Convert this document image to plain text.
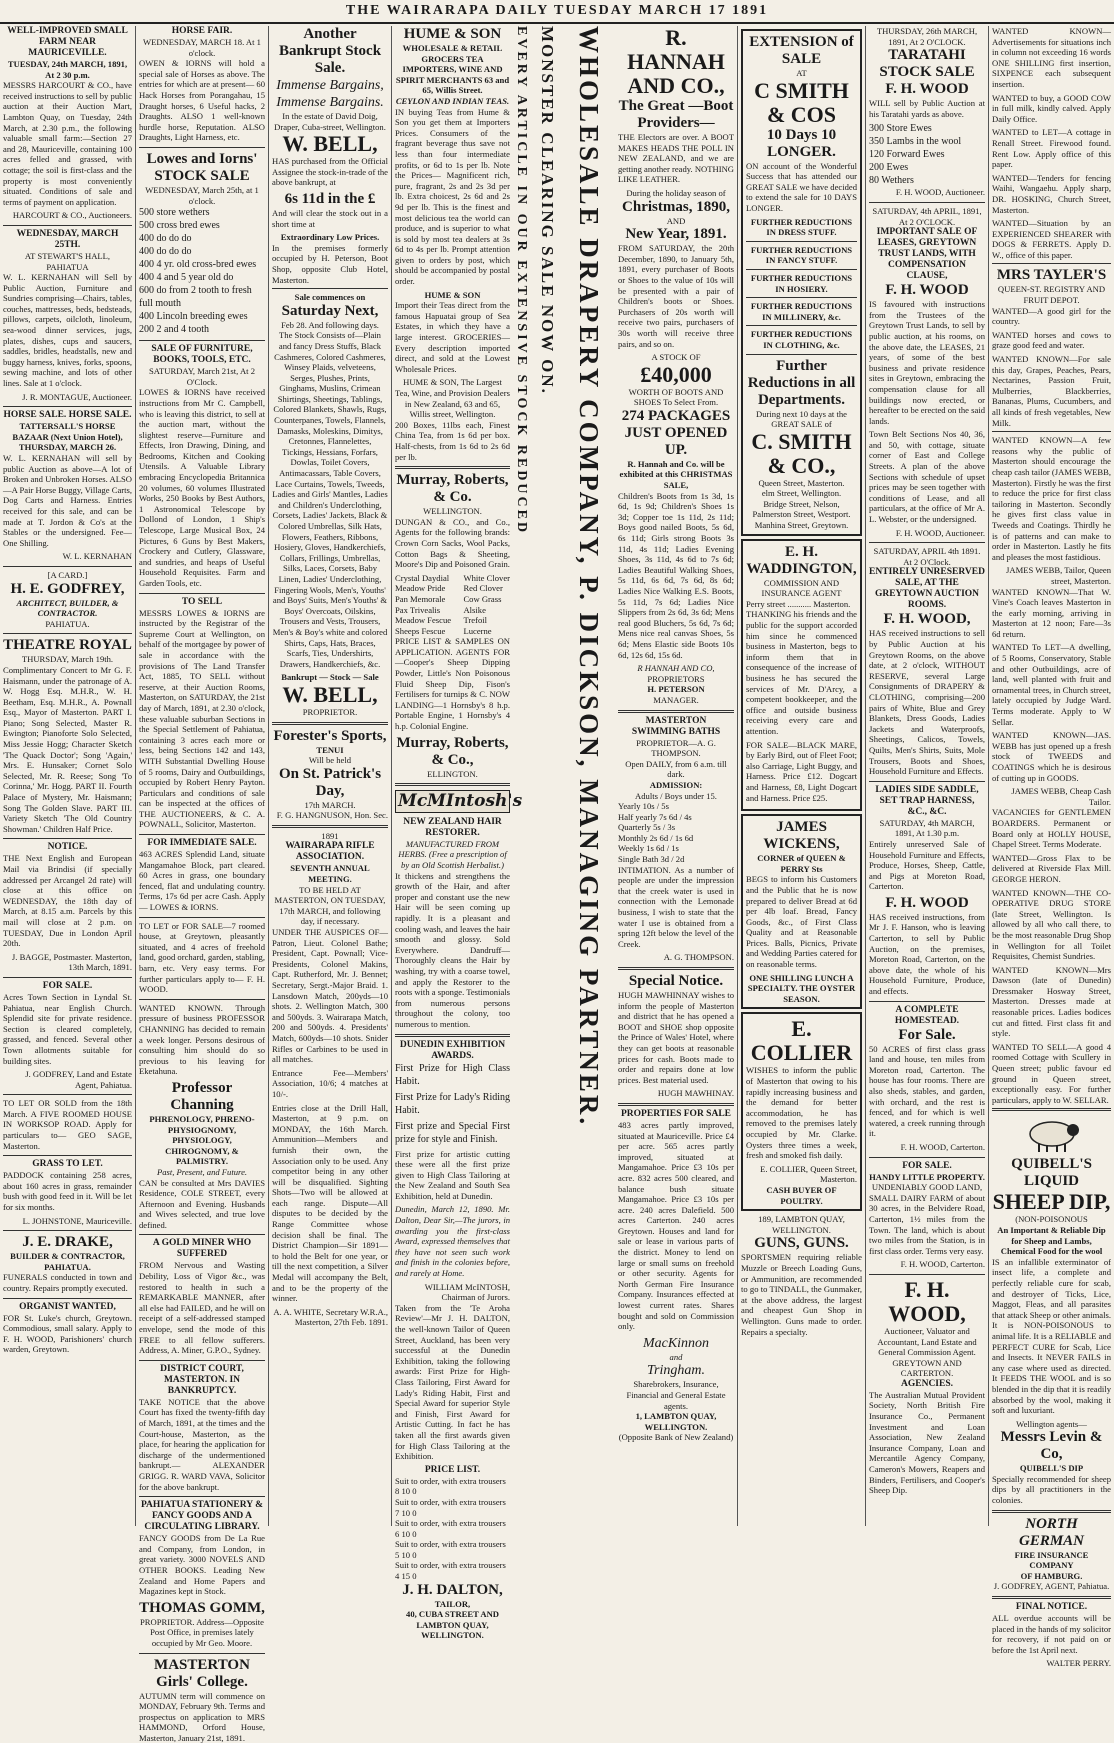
THE WAIRARAPA DAILY TUESDAY MARCH 17 1891
WELL-IMPROVED SMALL FARM NEAR MAURICEVILLE.
TUESDAY, 24th MARCH, 1891, At 2 30 p.m.

MESSRS HARCOURT & CO., have received instructions to sell by public auction at their Auction Mart, Lambton Quay, on Tuesday, 24th March, at 2.30 p.m., the following valuable small farm:—Section 27 and 28, Mauriceville, containing 100 acres felled and grassed, with cottage; the soil is first-class and the property is most conveniently situated. Conditions of sale and terms of payment on application.

HARCOURT & CO., Auctioneers.
WEDNESDAY, MARCH 25TH.
AT STEWART'S HALL, PAHIATUA

W. L. KERNAHAN will Sell by Public Auction, Furniture and Sundries comprising—Chairs, tables, couches, mattresses, beds, bedsteads, pillows, carpets, oilcloth, linoleum, sea-wood dinner services, jugs, plates, dishes, cups and saucers, saddles, bridles, headstalls, new and buggy harness, knives, forks, spoons, sewing machine, and lots of other lines. Sale at 1 o'clock.

J. R. MONTAGUE, Auctioneer.
HORSE SALE. HORSE SALE.
TATTERSALL'S HORSE BAZAAR (Next Union Hotel), THURSDAY, MARCH 26.

W. L. KERNAHAN will sell by public Auction as above—A lot of Broken and Unbroken Horses. ALSO—A Pair Horse Buggy, Village Carts, Dog Carts and Harness. Entries received for this sale, and can be made at T. Jordon & Co's at the Stables or the undersigned. Fee—One Shilling.

W. L. KERNAHAN
[A CARD.]
H. E. GODFREY,
ARCHITECT, BUILDER, & CONTRACTOR.
PAHIATUA.
THEATRE ROYAL
THURSDAY, March 19th.

Complimentary Concert to Mr G. F. Haismann, under the patronage of A. W. Hogg Esq. M.H.R., W. H. Beetham, Esq. M.H.R., A. Pownall Esq., Mayor of Masterton. PART I. Piano; Song Selected, Master R. Ewington; Pianoforte Solo Selected, Miss Jessie Hogg; Character Sketch 'The Quack Doctor'; Song 'Again,' Mrs. E. Hunsaker; Cornet Solo Selected, Mr. R. Reese; Song 'To Corinna,' Mr. Hogg. PART II. Fourth Palace of Mystery, Mr. Haismann; Song The Golden Slave. PART III. Variety Sketch 'The Old Country Showman.' Children Half Price.

NOTICE.

THE Next English and European Mail via Brindisi (if specially addressed per Arcangel 2d rate) will close at this office on WEDNESDAY, the 18th day of March, at 8.15 a.m. Parcels by this mail will close at 2 p.m. on TUESDAY, Due in London April 20th.

J. BAGGE, Postmaster. Masterton, 13th March, 1891.
FOR SALE.

Acres Town Section in Lyndal St. Pahiatua, near English Church. Splendid site for private residence. Section is cleared completely, grassed, and fenced. Several other Town allotments suitable for building sites.

J. GODFREY, Land and Estate Agent, Pahiatua.

TO LET OR SOLD from the 18th March. A FIVE ROOMED HOUSE IN WORKSOP ROAD. Apply for particulars to— GEO SAGE, Masterton.

GRASS TO LET.

PADDOCK containing 258 acres, about 160 acres in grass, remainder bush with good feed in it. Will be let for six months.

L. JOHNSTONE, Mauriceville.
J. E. DRAKE,
BUILDER & CONTRACTOR, PAHIATUA.

FUNERALS conducted in town and country. Repairs promptly executed.

ORGANIST WANTED,

FOR St. Luke's church, Greytown. Commodious, small salary. Apply to F. H. WOOD, Parishioners' church warden, Greytown.

HORSE FAIR.
WEDNESDAY, MARCH 18. At 1 o'clock.

OWEN & IORNS will hold a special sale of Horses as above. The entries for which are at present— 60 Hack Horses from Porangahau, 15 Draught horses, 6 Useful hacks, 2 Draughts. ALSO 1 well-known hurdle horse, Reputation. ALSO Draughts, Light Harness, etc.

Lowes and Iorns' STOCK SALE
WEDNESDAY, March 25th, at 1 o'clock.
500 store wethers
500 cross bred ewes
400 do do do
400 do do do
400 4 yr. old cross-bred ewes
400 4 and 5 year old do
600 do from 2 tooth to fresh full mouth
400 Lincoln breeding ewes
200 2 and 4 tooth
SALE OF FURNITURE, BOOKS, TOOLS, ETC.
SATURDAY, March 21st, At 2 O'Clock.

LOWES & IORNS have received instructions from Mr C. Campbell, who is leaving this district, to sell at the auction mart, without the slightest reserve—Furniture and Effects, Iron Drawing, Dining, and Bedrooms, Kitchen and Cooking Utensils. A Valuable Library embracing Encyclopedia Britannica 20 volumes, 60 volumes Illustrated Works, 250 Books by Best Authors, 1 Astronomical Telescope by Dollond of London, 1 Ship's Telescope, Large Musical Box, 24 Pictures, 6 Guns by Best Makers, Crockery and Cutlery, Glassware, and sundries, and heaps of Useful Household Requisites. Farm and Garden Tools, etc.

TO SELL

MESSRS LOWES & IORNS are instructed by the Registrar of the Supreme Court at Wellington, on behalf of the mortgagee by power of sale in accordance with the provisions of The Land Transfer Act, 1885, TO SELL without reserve, at their Auction Rooms, Masterton, on SATURDAY, the 21st day of March, 1891, at 2.30 o'clock, these valuable suburban Sections in the Special Settlement of Pahiatua, containing 3 acres each more or less, being Sections 142 and 143, WITH Substantial Dwelling House of 5 rooms, Dairy and Outbuildings, occupied by Robert Henry Payton. Particulars and conditions of sale can be inspected at the offices of THE AUCTIONEERS, & C. A. POWNALL, Solicitor, Masterton.

FOR IMMEDIATE SALE.

463 ACRES Splendid Land, situate Mangamahoe Block, part cleared. 60 Acres in grass, one boundary fenced, flat and undulating country. Terms, 17s 6d per acre Cash. Apply— LOWES & IORNS.

TO LET or FOR SALE—7 roomed house, at Greytown, pleasantly situated, and 4 acres of freehold land, good orchard, garden, stabling, barn, etc. Very easy terms. For further particulars apply to— F. H. WOOD.

WANTED KNOWN. Through pressure of business PROFESSOR CHANNING has decided to remain a week longer. Persons desirous of consulting him should do so previous to his leaving for Eketahuna.

Professor Channing
PHRENOLOGY, PHRENO-PHYSIOGNOMY, PHYSIOLOGY, CHIROGNOMY, & PALMISTRY.
Past, Present, and Future.

CAN be consulted at Mrs DAVIES Residence, COLE STREET, every Afternoon and Evening. Husbands and Wives selected, and true love defined.

A GOLD MINER WHO SUFFERED

FROM Nervous and Wasting Debility, Loss of Vigor &c., was restored to health in such a REMARKABLE MANNER, after all else had FAILED, and he will on receipt of a self-addressed stamped envelope, send the mode of this FREE to all fellow sufferers. Address, A. Miner, G.P.O., Sydney.

DISTRICT COURT, MASTERTON. IN BANKRUPTCY.

TAKE NOTICE that the above Court has fixed the twenty-fifth day of March, 1891, at the times and the Court-house, Masterton, as the place, for hearing the application for discharge of the undermentioned bankrupt.— ALEXANDER GRIGG. R. WARD VAVA, Solicitor for the above bankrupt.

PAHIATUA STATIONERY & FANCY GOODS AND A CIRCULATING LIBRARY.

FANCY GOODS from De La Rue and Company, from London, in great variety. 3000 NOVELS AND OTHER BOOKS. Leading New Zealand and Home Papers and Magazines kept in Stock.

THOMAS GOMM,
PROPRIETOR. Address—Opposite Post Office, in premises lately occupied by Mr Geo. Moore.
MASTERTON Girls' College.

AUTUMN term will commence on MONDAY, February 9th. Terms and prospectus on application to MRS HAMMOND, Orford House, Masterton, January 21st, 1891.

Another Bankrupt Stock Sale.
Immense Bargains, Immense Bargains.
In the estate of David Doig, Draper, Cuba-street, Wellington.
W. BELL,

HAS purchased from the Official Assignee the stock-in-trade of the above bankrupt, at

6s 11d in the £

And will clear the stock out in a short time at

Extraordinary Low Prices.

In the premises formerly occupied by H. Peterson, Boot Shop, opposite Club Hotel, Masterton.

Sale commences on
Saturday Next,
Feb 28. And following days.

The Stock Consists of—Plain and fancy Dress Stuffs, Black Cashmeres, Colored Cashmeres, Winsey Plaids, velveteens, Serges, Plushes, Prints, Ginghams, Muslins, Crimean Shirtings, Sheetings, Tablings, Colored Blankets, Shawls, Rugs, Counterpanes, Towels, Flannels, Damasks, Moleskins, Dimitys, Cretonnes, Flannelettes, Tickings, Hessians, Forfars, Dowlas, Toilet Covers, Antimacassars, Table Covers, Lace Curtains, Towels, Tweeds, Ladies and Girls' Mantles, Ladies and Children's Underclothing, Corsets, Ladies' Jackets, Black & Colored Umbrellas, Silk Hats, Flowers, Feathers, Ribbons, Hosiery, Gloves, Handkerchiefs, Collars, Frillings, Umbrellas, Silks, Laces, Corsets, Baby Linen, Ladies' Underclothing, Fingering Wools, Men's, Youths' and Boys' Suits, Men's Youths' & Boys' Overcoats, Oilskins, Trousers and Vests, Trousers, Men's & Boy's white and colored Shirts, Caps, Hats, Braces, Scarfs, Ties, Undershirts, Drawers, Handkerchiefs, &c.

Bankrupt — Stock — Sale
W. BELL,
PROPRIETOR.
Forester's Sports,
TENUI
Will be held
On St. Patrick's Day,
17th MARCH.
F. G. HANGNUSON, Hon. Sec.
1891
WAIRARAPA RIFLE ASSOCIATION.
SEVENTH ANNUAL MEETING.
TO BE HELD AT MASTERTON, ON TUESDAY, 17th MARCH, and following day, if necessary.

UNDER THE AUSPICES OF— Patron, Lieut. Colonel Bathe; President, Capt. Pownall; Vice-Presidents, Colonel Makins, Capt. Rutherford, Mr. J. Bennet; Secretary, Sergt.-Major Braid. 1. Lansdown Match, 200yds—10 shots. 2. Wellington Match, 300 and 500yds. 3. Wairarapa Match, 200 and 500yds. 4. Presidents' Match, 600yds—10 shots. Snider Rifles or Carbines to be used in all matches.

Entrance Fee—Members' Association, 10/6; 4 matches at 10/-.

Entries close at the Drill Hall, Masterton, at 9 p.m. on MONDAY, the 16th March. Ammunition—Members and furnish their own, the Association only to be used. Any competitor being in any other will be disqualified. Sighting Shots—Two will be allowed at each range. Dispute—All disputes to be decided by the Range Committee whose decision shall be final. The District Champion—Sir 1891—to hold the Belt for one year, or till the next competition, a Silver Medal will accompany the Belt, and to be the property of the winner.

A. A. WHITE, Secretary W.R.A., Masterton, 27th Feb. 1891.
HUME & SON
WHOLESALE & RETAIL GROCERS TEA IMPORTERS, WINE AND SPIRIT MERCHANTS 63 and 65, Willis Street.
CEYLON AND INDIAN TEAS.

IN buying Teas from Hume & Son you get them at Importers Prices. Consumers of the fragrant beverage thus save not less than four intermediate profits, or 6d to 1s per lb. Note the Prices— Magnificent rich, pure, fragrant, 2s and 2s 3d per lb. Extra choicest, 2s 6d and 2s 9d per lb. This is the finest and most delicious tea the world can produce, and is superior to what is sold by most tea dealers at 3s 6d to 4s per lb. Prompt attention given to orders by post, which should be accompanied by postal order.

HUME & SON

Import their Teas direct from the famous Hapuatai group of Sea Estates, in which they have a large interest. GROCERIES—Every description imported direct, and sold at the Lowest Wholesale Prices.

HUME & SON, The Largest Tea, Wine, and Provision Dealers in New Zealand, 63 and 65, Willis street, Wellington.

200 Boxes, 11lbs each, Finest China Tea, from 1s 6d per box. Half-chests, from 1s 6d to 2s 6d per lb.

Murray, Roberts, & Co.
WELLINGTON.

DUNGAN & CO., and Co., Agents for the following brands: Crown Corn Sacks, Wool Packs, Cotton Bags & Sheeting, Moore's Dip and Poisoned Grain.

Crystal Daydial
Meadow Pride
Pan Memorale
Pax Trivealis
Meadow Fescue
Sheeps Fescue
White Clover
Red Clover
Cow Grass
Alsike
Trefoil
Lucerne

PRICE LIST & SAMPLES ON APPLICATION. AGENTS FOR—Cooper's Sheep Dipping Powder, Little's Non Poisonous Fluid Sheep Dip, Fison's Fertilisers for turnips & C. NOW LANDING—1 Hornsby's 8 h.p. Portable Engine, 1 Hornsby's 4 h.p. Colonial Engine.

Murray, Roberts, & Co.,
ELLINGTON.
McMIntosh's
NEW ZEALAND HAIR RESTORER.
MANUFACTURED FROM HERBS. (Free a prescription of by an Old Scottish Herbalist.)

It thickens and strengthens the growth of the Hair, and after proper and constant use the new Hair will be seen coming up rapidly. It is a pleasant and cooling wash, and leaves the hair smooth and glossy. Sold Everywhere. Dandruff—Thoroughly cleans the Hair by washing, try with a coarse towel, and apply the Restorer to the roots with a sponge. Testimonials from numerous persons throughout the colony, too numerous to mention.

DUNEDIN EXHIBITION AWARDS.

First Prize for High Class Habit.

First Prize for Lady's Riding Habit.

First prize and Special First prize for style and Finish.

First prize for artistic cutting these were all the first prize given to High Class Tailoring at the New Zealand and South Sea Exhibition, held at Dunedin.

Dunedin, March 12, 1890. Mr. Dalton, Dear Sir,—The jurors, in awarding you the first-class Award, expressed themselves that they have not seen such work and finish in the colonies before, and rarely at Home.

WILLIAM McINTOSH, Chairman of Jurors.

Taken from the 'Te Aroha Review'—Mr J. H. DALTON, the well-known Tailor of Queen Street, Auckland, has been very successful at the Dunedin Exhibition, taking the following awards: First Prize for High-Class Tailoring, First Award for Lady's Riding Habit, First and Special Award for superior Style and Finish, First Award for Artistic Cutting. In fact he has taken all the first awards given for High Class Tailoring at the Exhibition.

PRICE LIST.
Suit to order, with extra trousers 8 10 0
Suit to order, with extra trousers 7 10 0
Suit to order, with extra trousers 6 10 0
Suit to order, with extra trousers 5 10 0
Suit to order, with extra trousers 4 15 0
J. H. DALTON,
TAILOR,
40, CUBA STREET AND LAMBTON QUAY, WELLINGTON.
WHOLESALE DRAPERY COMPANY, P. DICKSON, MANAGING PARTNER.
MONSTER CLEARING SALE NOW ON.
EVERY ARTICLE IN OUR EXTENSIVE STOCK REDUCED	R. HANNAH AND CO.,
The Great —Boot Providers—

THE Electors are over. A BOOT MAKES HEADS THE POLL IN NEW ZEALAND, and we are getting another ready. NOTHING LIKE LEATHER.

During the holiday season of
Christmas, 1890,
AND
New Year, 1891.

FROM SATURDAY, the 20th December, 1890, to January 5th, 1891, every purchaser of Boots or Shoes to the value of 10s will be presented with a pair of Children's boots or Shoes. Purchasers of 20s worth will receive two pairs, purchasers of 30s worth will receive three pairs, and so on.

A STOCK OF
£40,000
WORTH OF BOOTS AND SHOES To Select From.
274 PACKAGES JUST OPENED UP.
R. Hannah and Co. will be exhibited at this CHRISTMAS SALE,

Children's Boots from 1s 3d, 1s 6d, 1s 9d; Children's Shoes 1s 3d; Copper toe 1s 11d, 2s 11d; Boys good nailed Boots, 5s 6d, 6s 11d; Girls strong Boots 3s 11d, 4s 11d; Ladies Evening Shoes, 3s 11d, 4s 6d to 7s 6d; Ladies Beautiful Walking Shoes, 5s 11d, 6s 6d, 7s 6d, 8s 6d; Ladies Nice Walking E.S. Boots, 5s 11d, 7s 6d; Ladies Nice Slippers from 2s 6d, 3s 6d; Mens real good Bluchers, 5s 6d, 7s 6d; Mens nice real canvas Shoes, 5s 6d; Mens Elastic side Boots 10s 6d, 12s 6d, 15s 6d.

R HANNAH AND CO,
PROPRIETORS
H. PETERSON
MANAGER.
MASTERTON SWIMMING BATHS
PROPRIETOR—A. G. THOMPSON.
Open DAILY, from 6 a.m. till dark.
ADMISSION:
Adults / Boys under 15.
Yearly 10s / 5s
Half yearly 7s 6d / 4s
Quarterly 5s / 3s
Monthly 2s 6d / 1s 6d
Weekly 1s 6d / 1s
Single Bath 3d / 2d

INTIMATION. As a number of people are under the impression that the creek water is used in connection with the Lemonade business, I wish to state that the water I use is obtained from a spring 12ft below the level of the Creek.

A. G. THOMPSON.
Special Notice.

HUGH MAWHINNAY wishes to inform the people of Masterton and district that he has opened a BOOT and SHOE shop opposite the Prince of Wales' Hotel, where they can get boots at reasonable prices for cash. Boots made to order and repairs done at low prices. Best material used.

HUGH MAWHINAY.
PROPERTIES FOR SALE

483 acres partly improved, situated at Mauriceville. Price £4 per acre. 565 acres partly improved, situated at Mangamahoe. Price £3 10s per acre. 832 acres 500 cleared, and balance bush situate Mangamahoe. Price £3 10s per acre. 240 acres Dalefield. 500 acres Carterton. 240 acres Greytown. Houses and land for sale or lease in various parts of the district. Money to lend on large or small sums on freehold or other security. Agents for North German Fire Insurance Company. Insurances effected at lowest current rates. Shares bought and sold on Commission only.

MacKinnon
and
Tringham.
Sharebrokers, Insurance, Financial and General Estate agents.
1, LAMBTON QUAY, WELLINGTON.
(Opposite Bank of New Zealand)
EXTENSION of SALE
AT
C SMITH & COS
10 Days 10
LONGER.

ON account of the Wonderful Success that has attended our GREAT SALE we have decided to extend the sale for 10 DAYS LONGER.

FURTHER REDUCTIONS IN DRESS STUFF.
FURTHER REDUCTIONS IN FANCY STUFF.
FURTHER REDUCTIONS IN HOSIERY.
FURTHER REDUCTIONS IN MILLINERY, &c.
FURTHER REDUCTIONS IN CLOTHING, &c.
Further Reductions in all Departments.
During next 10 days at the GREAT SALE of
C. SMITH & CO.,
Queen Street, Masterton.
elm Street, Wellington.
Bridge Street, Nelson,
Palmerston Street, Westport.
Manhina Street, Greytown.
E. H. WADDINGTON,
COMMISSION AND INSURANCE AGENT
Perry street ........... Masterton.

THANKING his friends and the public for the support accorded him since he commenced business in Masterton, begs to inform them that in consequence of the increase of business he has secured the services of Mr. D'Arcy, a competent bookkeeper, and the office and outside business receiving every care and attention.

FOR SALE—BLACK MARE, by Early Bird, out of Fleet Foot; also Carriage, Light Buggy, and Harness. Price £12. Dogcart and Harness, £8, Light Dogcart and Harness. Price £25.

JAMES WICKENS,
CORNER of QUEEN & PERRY Sts

BEGS to inform his Customers and the Public that he is now prepared to deliver Bread at 6d per 4lb loaf. Bread, Fancy Goods, &c., of First Class Quality and at Reasonable Prices. Balls, Picnics, Private and Wedding Parties catered for on reasonable terms.

ONE SHILLING LUNCH A SPECIALTY. THE OYSTER SEASON.
E. COLLIER

WISHES to inform the public of Masterton that owing to his rapidly increasing business and the demand for better accommodation, he has removed to the premises lately occupied by Mr. Clarke. Oysters three times a week, fresh and smoked fish daily.

E. COLLIER, Queen Street, Masterton.
CASH BUYER OF POULTRY.
189, LAMBTON QUAY, WELLINGTON.
GUNS, GUNS.

SPORTSMEN requiring reliable Muzzle or Breech Loading Guns, or Ammunition, are recommended to go to TINDALL, the Gunmaker, at the above address, the largest and cheapest Gun Shop in Wellington. Guns made to order. Repairs a specialty.

THURSDAY, 26th MARCH, 1891, At 2 O'CLOCK.
TARATAHI STOCK SALE
F. H. WOOD

WILL sell by Public Auction at his Taratahi yards as above.

300 Store Ewes
350 Lambs in the wool
120 Forward Ewes
200 Ewes
80 Wethers
F. H. WOOD, Auctioneer.
SATURDAY, 4th APRIL, 1891, At 2 O'CLOCK.
IMPORTANT SALE OF LEASES, GREYTOWN TRUST LANDS, WITH COMPENSATION CLAUSE,
F. H. WOOD

IS favoured with instructions from the Trustees of the Greytown Trust Lands, to sell by public auction, at his rooms, on the above date, the LEASES, 21 years, of some of the best business and private residence sites in Greytown, embracing the compensation clause for all buildings now erected, or hereafter to be erected on the said lands.

Town Belt Sections Nos 40, 36, and 50, with cottage, situate corner of East and College Streets. A plan of the above Sections with schedule of upset prices may be seen together with conditions of Lease, and all particulars, at the office of Mr A. L. Webster, or the undersigned.

F. H. WOOD, Auctioneer.
SATURDAY, APRIL 4th 1891. At 2 O'Clock.
ENTIRELY UNRESERVED SALE, AT THE GREYTOWN AUCTION ROOMS.
F. H. WOOD,

HAS received instructions to sell by Public Auction at his Greytown Rooms, on the above date, at 2 o'clock, WITHOUT RESERVE, several Large Consignments of DRAPERY & CLOTHING, comprising—200 pairs of White, Blue and Grey Blankets, Dress Goods, Ladies Jackets and Waterproofs, Sheetings, Calicos, Towels, Quilts, Men's Shirts, Suits, Mole Trousers, Boots and Shoes, Household Furniture and Effects.

LADIES SIDE SADDLE, SET TRAP HARNESS, &C., &C.
SATURDAY, 4th MARCH, 1891, At 1.30 p.m.

Entirely unreserved Sale of Household Furniture and Effects, Produce, Horses, Sheep, Cattle, and Pigs at Moreton Road, Carterton.

F. H. WOOD

HAS received instructions, from Mr J. F. Hanson, who is leaving Carterton, to sell by Public Auction, on the premises, Moreton Road, Carterton, on the above date, the whole of his Household Furniture, Produce, and effects.

A COMPLETE HOMESTEAD.
For Sale.

50 ACRES of first class grass land and house, ten miles from Moreton road, Carterton. The house has four rooms. There are also sheds, stables, and garden, with orchard, and the rest is fenced, and for which is well watered, a creek running through it.

F. H. WOOD, Carterton.
FOR SALE.
HANDY LITTLE PROPERTY.
UNDENIABLY GOOD LAND,

SMALL DAIRY FARM of about 30 acres, in the Belvidere Road, Carterton, 1½ miles from the Town. The land, which is about two miles from the Station, is in first class order. Terms very easy.

F. H. WOOD, Carterton.
F. H. WOOD,
Auctioneer, Valuator and Accountant, Land Estate and General Commission Agent. GREYTOWN AND CARTERTON.
AGENCIES.

The Australian Mutual Provident Society, North British Fire Insurance Co., Permanent Investment and Loan Association, New Zealand Insurance Company, Loan and Mercantile Agency Company, Cameron's Mowers, Reapers and Binders, Fertilisers, and Cooper's Sheep Dip.

WANTED KNOWN—Advertisements for situations inch in column not exceeding 16 words ONE SHILLING first insertion, SIXPENCE each subsequent insertion.

WANTED to buy, a GOOD COW in full milk, kindly calved. Apply Daily Office.

WANTED to LET—A cottage in Renall Street. Firewood found. Rent Low. Apply office of this paper.

WANTED—Tenders for fencing Waihi, Wangaehu. Apply sharp, DR. HOSKING, Church Street, Masterton.

WANTED—Situation by an EXPERIENCED SHEARER with DOGS & FERRETS. Apply D. W., office of this paper.

MRS TAYLER'S
QUEEN-ST. REGISTRY AND FRUIT DEPOT.

WANTED—A good girl for the country.

WANTED horses and cows to graze good feed and water.

WANTED KNOWN—For sale this day, Grapes, Peaches, Pears, Nectarines, Passion Fruit, Mulberries, Blackberries, Bananas, Plums, Cucumbers, and all kinds of fresh vegetables, New Milk.

WANTED KNOWN—A few reasons why the public of Masterton should encourage the cheap cash tailor (JAMES WEBB, Masterton). Firstly he was the first to reduce the price for first class tailoring in Masterton. Secondly he gives first class value in Tweeds and Coatings. Thirdly he is of patterns and can make to order in Masterton. Lastly he fits and pleases the most fastidious.

JAMES WEBB, Tailor, Queen street, Masterton.

WANTED KNOWN—That W. Vine's Coach leaves Masterton in the early morning, arriving in Masterton at 12 noon; Fare—3s 6d return.

WANTED To LET—A dwelling, of 5 Rooms, Conservatory, Stable and other Outbuildings, acre of land, well planted with fruit and ornamental trees, in Church street, lately occupied by Judge Ward. Terms moderate. Apply to W Sellar.

WANTED KNOWN—JAS. WEBB has just opened up a fresh stock of TWEEDS and COATINGS which he is desirous of cutting up in GOODS.

JAMES WEBB, Cheap Cash Tailor.

VACANCIES for GENTLEMEN BOARDERS. Permanent or Board only at HOLLY HOUSE, Chapel Street. Terms Moderate.

WANTED—Gross Flax to be delivered at Riverside Flax Mill. GEORGE HERON.

WANTED KNOWN—THE CO-OPERATIVE DRUG STORE (late Street, Wellington. Is allowed by all who call there, to be the most reasonable Drug Shop in Wellington for all Toilet Requisites, Chemist Sundries.

WANTED KNOWN—Mrs Dawson (late of Dunedin) Dressmaker Hosway Street, Masterton. Dresses made at reasonable prices. Ladies bodices cut and fitted. First class fit and style.

WANTED TO SELL—A good 4 roomed Cottage with Scullery in Queen street; public favour ed ground in Queen street, exceptionally easy. For further particulars, apply to W. SELLAR.

QUIBELL'S LIQUID
SHEEP DIP,
(NON-POISONOUS
An Important & Reliable Dip for Sheep and Lambs,
Chemical Food for the wool

IS an infallible exterminator of insect life, a complete and perfectly reliable cure for scab, and destroyer of Ticks, Lice, Maggot, Fleas, and all parasites that attack Sheep or other animals. It is NON-POISONOUS to animal life. It is a RELIABLE and PERFECT CURE for Scab, Lice and Insects. It NEVER FAILS in any case where used as directed. It FEEDS THE WOOL and is so blended in the dip that it is readily absorbed by the wool, making it soft and luxuriant.

Wellington agents—
Messrs Levin & Co,
QUIBELL'S DIP

Specially recommended for sheep dips by all practitioners in the colonies.

NORTH GERMAN
FIRE INSURANCE COMPANY
OF HAMBURG.
J. GODFREY, AGENT, Pahiatua.
FINAL NOTICE.

ALL overdue accounts will be placed in the hands of my solicitor for recovery, if not paid on or before the 1st April next.

WALTER PERRY.
